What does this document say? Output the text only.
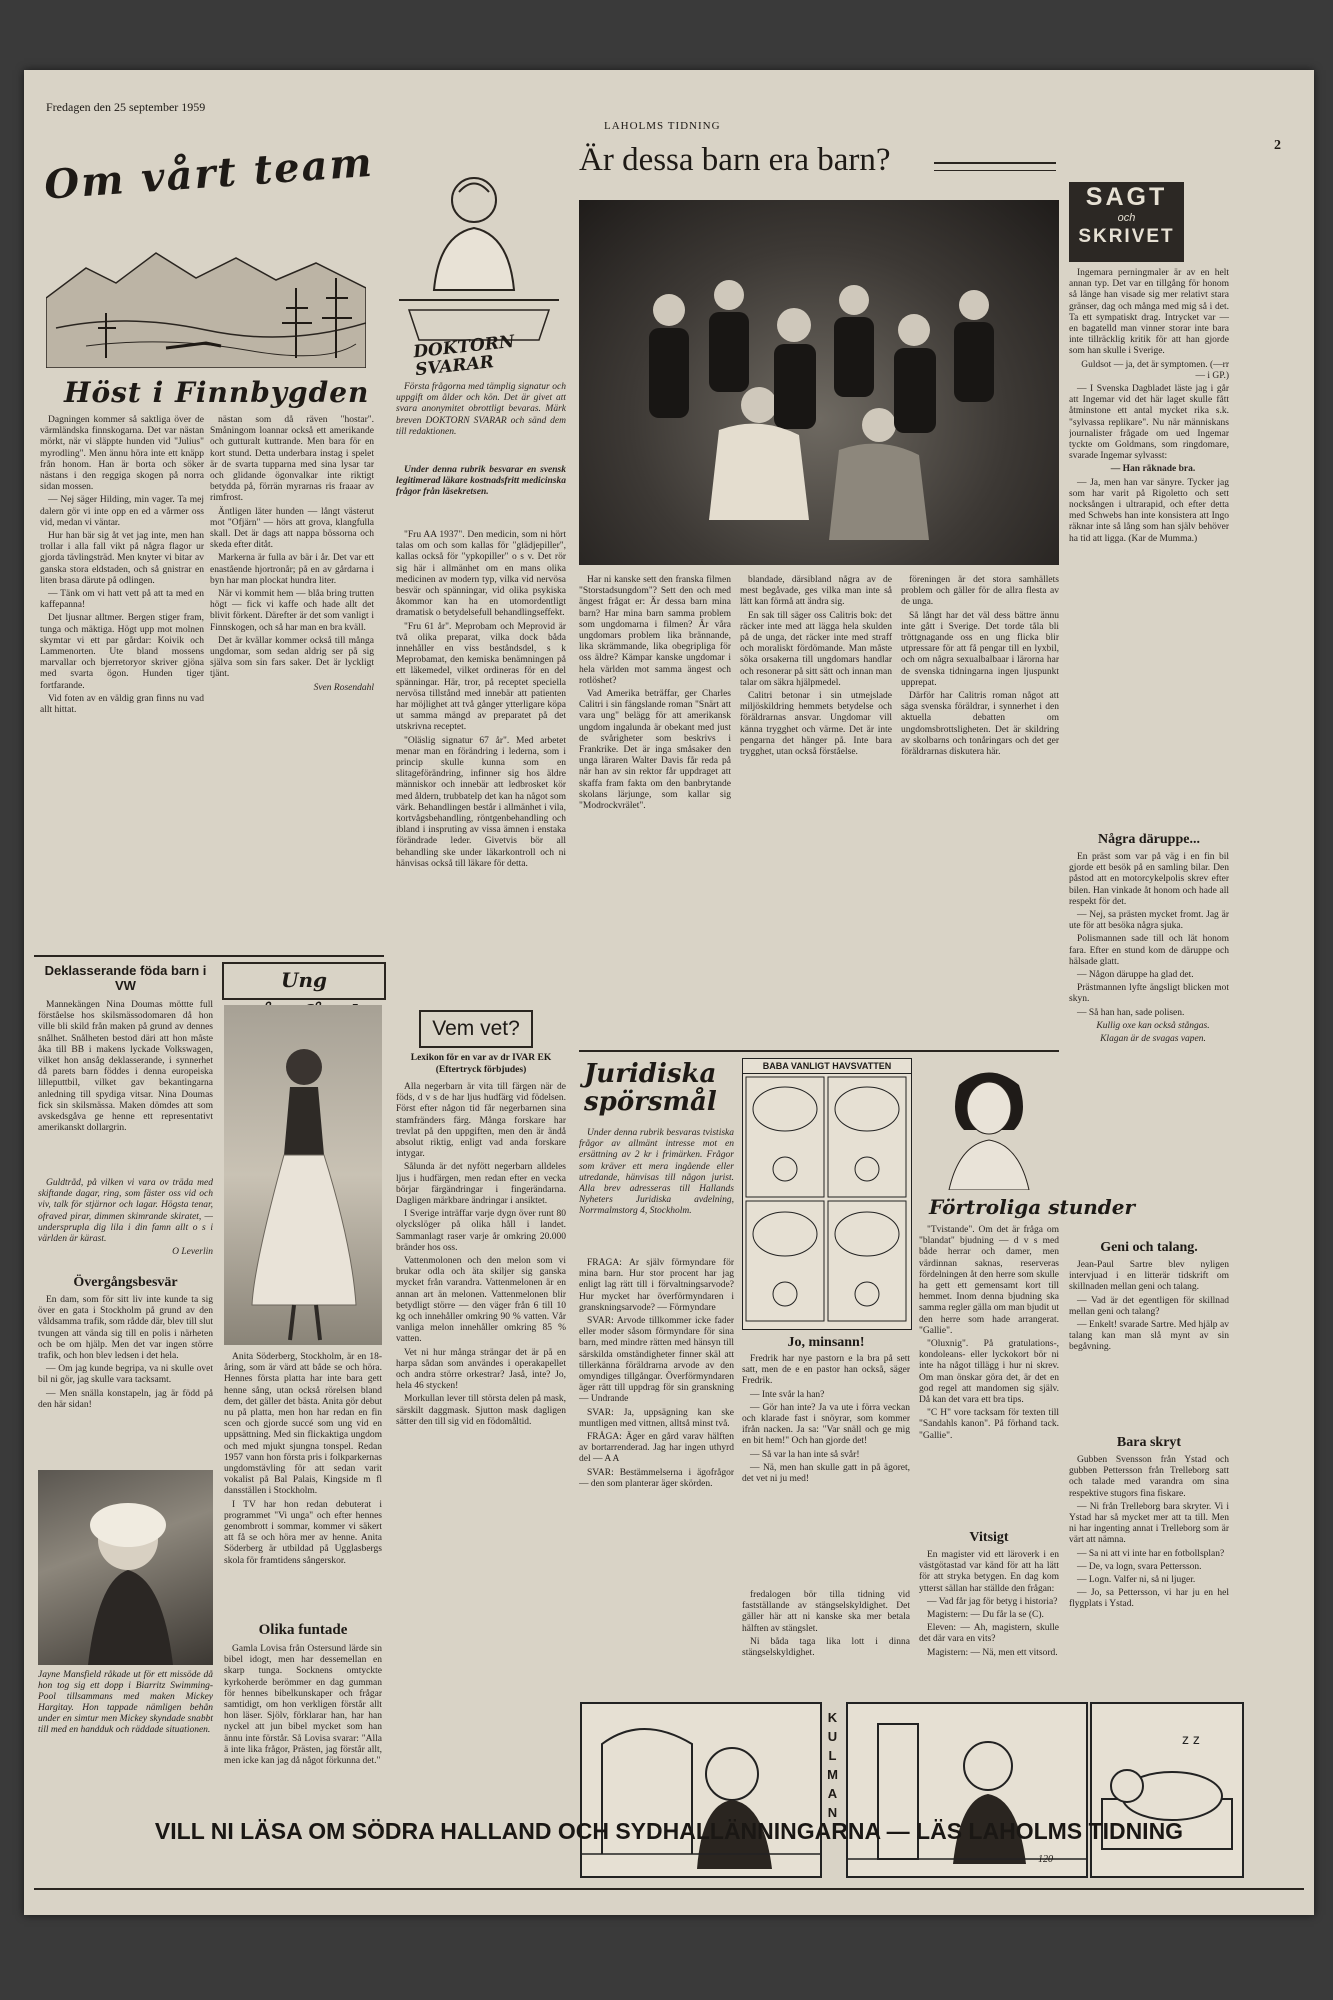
Fredagen den 25 september 1959
LAHOLMS TIDNING
2
Om vårt team
Höst i Finnbygden

Dagningen kommer så saktliga över de värmländska finnskogarna. Det var nästan mörkt, när vi släppte hunden vid "Julius" myrodling". Men ännu höra inte ett knäpp från honom. Han är borta och söker nästans i den reggiga skogen på norra sidan mossen.

— Nej säger Hilding, min vager. Ta mej dalern gör vi inte opp en ed a vårmer oss vid, medan vi väntar.

Hur han bär sig åt vet jag inte, men han trollar i alla fall vikt på några flagor ur gjorda tävlingsträd. Men knyter vi bitar av ganska stora eldstaden, och så gnistrar en liten brasa därute på odlingen.

— Tänk om vi hatt vett på att ta med en kaffepanna!

Det ljusnar alltmer. Bergen stiger fram, tunga och mäktiga. Högt upp mot molnen skymtar vi ett par gårdar: Koivik och Lammenorten. Ute bland mossens marvallar och bjerretoryor skriver gjöna med svarta ögon. Hunden tiger fortfarande.

Vid foten av en väldig gran finns nu vad allt hittat.

nästan som då räven "hostar". Småningom loannar också ett amerikande och gutturalt kuttrande. Men bara för en kort stund. Detta underbara instag i spelet är de svarta tupparna med sina lysar tar och glidande ögonvalkar inte riktigt betydda på, förrän myrarnas ris fraaar av rimfrost.

Äntligen läter hunden — långt västerut mot "Ofjärn" — hörs att grova, klangfulla skall. Det är dags att nappa bössorna och skeda efter ditåt.

Markerna är fulla av bär i år. Det var ett enastående hjortronår; på en av gårdarna i byn har man plockat hundra liter.

När vi kommit hem — blåa bring trutten högt — fick vi kaffe och hade allt det blivit förkent. Därefter är det som vanligt i Finnskogen, och så har man en bra kväll.

Det är kvällar kommer också till många ungdomar, som sedan aldrig ser på sig själva som sin fars saker. Det är lyckligt tjänt.

Sven Rosendahl

Deklasserande föda barn i VW

Mannekängen Nina Doumas möttte full förståelse hos skilsmässodomaren då hon ville bli skild från maken på grund av dennes snålhet. Snålheten bestod däri att hon måste åka till BB i makens lyckade Volkswagen, vilket hon ansåg deklasserande, i synnerhet då parets barn föddes i denna europeiska lilleputtbil, vilket gav bekantingarna anledning till spydiga vitsar. Nina Doumas fick sin skilsmässa. Maken dömdes att som avskedsgåva ge henne ett representativt amerikanskt dollargrin.

Guldtråd, på vilken vi vara ov träda med skiftande dagar, ring, som fäster oss vid och viv, talk för stjärnor och lagar. Högsta tenar, ofraved pirar, dimmen skimrande skiratet, — undersprupla dig lila i din famn allt o s i världen är kärast.

O Leverlin

Övergångsbesvär

En dam, som för sitt liv inte kunde ta sig över en gata i Stockholm på grund av den våldsamma trafik, som rådde där, blev till slut tvungen att vända sig till en polis i närheten och be om hjälp. Men det var ingen större trafik, och hon blev ledsen i det hela.

— Om jag kunde begripa, va ni skulle ovet bil ni gör, jag skulle vara tacksamt.

— Men snälla konstapeln, jag är född på den här sidan!

Jayne Mansfield råkade ut för ett missöde då hon tog sig ett dopp i Biarritz Swimming-Pool tillsammans med maken Mickey Hargitay. Hon tappade nämligen behån under en simtur men Mickey skyndade snabbt till med en handduk och räddade situationen.
Ung

Anita Söderberg, Stockholm, är en 18-åring, som är värd att både se och höra. Hennes första platta har inte bara gett henne sång, utan också rörelsen bland dem, det gäller det bästa. Anita gör debut nu på platta, men hon har redan en fin scen och gjorde succé som ung vid en uppsättning. Med sin flickaktiga ungdom och med mjukt sjungna tonspel. Redan 1957 vann hon första pris i folkparkernas ungdomstävling för att sedan varit vokalist på Bal Palais, Kingside m fl dansställen i Stockholm.

I TV har hon redan debuterat i programmet "Vi unga" och efter hennes genombrott i sommar, kommer vi säkert att få se och höra mer av henne. Anita Söderberg är utbildad på Ugglasbergs skola för framtidens sångerskor.

Olika funtade

Gamla Lovisa från Östersund lärde sin bibel idogt, men har dessemellan en skarp tunga. Socknens omtyckte kyrkoherde berömmer en dag gumman för hennes bibelkunskaper och frågar samtidigt, om hon verkligen förstår allt hon läser. Sjölv, förklarar han, har han nyckel att jun bibel mycket som han ännu inte förstår. Så Lovisa svarar: "Alla ä inte lika frågor, Prästen, jag förstår allt, men icke kan jag då något förkunna det."

DOKTORN SVARAR

Första frågorna med tämplig signatur och uppgift om ålder och kön. Det är givet att svara anonymitet obrottligt bevaras. Märk breven DOKTORN SVARAR och sänd dem till redaktionen.

Under denna rubrik besvarar en svensk legitimerad läkare kostnadsfritt medicinska frågor från läsekretsen.

"Fru AA 1937". Den medicin, som ni hört talas om och som kallas för "glädjepiller", kallas också för "ypkopiller" o s v. Det rör sig här i allmänhet om en mans olika medicinen av modern typ, vilka vid nervösa besvär och spänningar, vid olika psykiska åkommor kan ha en utomordentligt dramatisk o betydelsefull behandlingseffekt.

"Fru 61 år". Meprobam och Meprovid är två olika preparat, vilka dock båda innehåller en viss beståndsdel, s k Meprobamat, den kemiska benämningen på ett läkemedel, vilket ordineras för en del spänningar. Här, tror, på receptet speciella nervösa tillstånd med innebär att patienten har möjlighet att två gånger ytterligare köpa ut samma mängd av preparatet på det utskrivna receptet.

"Oläslig signatur 67 år". Med arbetet menar man en förändring i lederna, som i princip skulle kunna som en slitageförändring, infinner sig hos äldre människor och innebär att ledbrosket kör med åldern, trubbatelp det kan ha något som värk. Behandlingen består i allmänhet i vila, kortvågsbehandling, röntgenbehandling och ibland i inspruting av vissa ämnen i enstaka förändrade leder. Givetvis bör all behandling ske under läkarkontroll och ni hänvisas också till läkare för detta.

Vem vet?
Lexikon för en var av dr IVAR EK (Eftertryck förbjudes)

Alla negerbarn är vita till färgen när de föds, d v s de har ljus hudfärg vid födelsen. Först efter någon tid får negerbarnen sina stamfränders färg. Många forskare har trevlat på den uppgiften, men den är ändå absolut riktig, enligt vad anda forskare intygar.

Sålunda är det nyfött negerbarn alldeles ljus i hudfärgen, men redan efter en vecka börjar färgändringar i fingerändarna. Dagligen märkbare ändringar i ansiktet.

I Sverige inträffar varje dygn över runt 80 olyckslöger på olika håll i landet. Sammanlagt raser varje år omkring 20.000 bränder hos oss.

Vattenmolonen och den melon som vi brukar odla och äta skiljer sig ganska mycket från varandra. Vattenmelonen är en annan art än melonen. Vattenmelonen blir betydligt större — den väger från 6 till 10 kg och innehåller omkring 90 % vatten. Vår vanliga melon innehåller omkring 85 % vatten.

Vet ni hur många strängar det är på en harpa sådan som användes i operakapellet och andra större orkestrar? Jaså, inte? Jo, hela 46 stycken!

Morkullan lever till största delen på mask, särskilt daggmask. Sjutton mask dagligen sätter den till sig vid en födomåltid.

Är dessa barn era barn?

Har ni kanske sett den franska filmen "Storstadsungdom"? Sett den och med ängest frågat er: Är dessa barn mina barn? Har mina barn samma problem som ungdomarna i filmen? Är våra ungdomars problem lika brännande, lika skrämmande, lika obegripliga för oss äldre? Kämpar kanske ungdomar i hela världen mot samma ängest och rotlöshet?

Vad Amerika beträffar, ger Charles Calitri i sin fängslande roman "Snärt att vara ung" belägg för att amerikansk ungdom ingalunda är obekant med just de svårigheter som beskrivs i Frankrike. Det är inga småsaker den unga läraren Walter Davis får reda på när han av sin rektor får uppdraget att skaffa fram fakta om den banbrytande skolans lärjunge, som kallar sig "Modrockvrälet".

blandade, därsibland några av de mest begåvade, ges vilka man inte så lätt kan förmå att ändra sig.

En sak till säger oss Calitris bok: det räcker inte med att lägga hela skulden på de unga, det räcker inte med straff och moraliskt fördömande. Man måste söka orsakerna till ungdomars handlar och resonerar på sitt sätt och innan man talar om säkra hjälpmedel.

Calitri betonar i sin utmejslade miljöskildring hemmets betydelse och föräldrarnas ansvar. Ungdomar vill känna trygghet och värme. Det är inte pengarna det hänger på. Inte bara trygghet, utan också förståelse.

föreningen är det stora samhällets problem och gäller för de allra flesta av de unga.

Så långt har det väl dess bättre ännu inte gått i Sverige. Det torde tåla bli tröttgnagande oss en ung flicka blir utpressare för att få pengar till en lyxbil, och om några sexualbalbaar i lärorna har de svenska tidningarna ingen ljuspunkt upprepat.

Därför har Calitris roman något att säga svenska föräldrar, i synnerhet i den aktuella debatten om ungdomsbrottsligheten. Det är skildring av skolbarns och tonåringars och det ger föräldrarnas diskutera här.

Juridiska spörsmål

Under denna rubrik besvaras tvistiska frågor av allmänt intresse mot en ersättning av 2 kr i frimärken. Frågor som kräver ett mera ingående eller utredande, hänvisas till någon jurist. Alla brev adresseras till Hallands Nyheters Juridiska avdelning, Norrmalmstorg 4, Stockholm.

FRÅGA: Är själv förmyndare för mina barn. Hur stor procent har jag enligt lag rätt till i förvaltningsarvode? Hur mycket har överförmyndaren i granskningsarvode? — Förmyndare

SVAR: Arvode tillkommer icke fader eller moder såsom förmyndare för sina barn, med mindre rätten med hänsyn till särskilda omständigheter finner skäl att tillerkänna föräldrarna arvode av den omyndiges tillgångar. Överförmyndaren äger rätt till uppdrag för sin granskning — Undrande

SVAR: Ja, uppsägning kan ske muntligen med vittnen, alltså minst två.

FRÅGA: Äger en gård varav hälften av bortarrenderad. Jag har ingen uthyrd del — A A

SVAR: Bestämmelserna i ägofrågor — den som planterar äger skörden.

BABA VANLIGT HAVSVATTEN
Jo, minsann!

Fredrik har nye pastorn e la bra på sett satt, men de e en pastor han också, säger Fredrik.

— Inte svår la han?

— Gör han inte? Ja va ute i förra veckan och klarade fast i snöyrar, som kommer ifrån nacken. Ja sa: "Var snäll och ge mig en bit hem!" Och han gjorde det!

— Så var la han inte så svår!

— Nä, men han skulle gatt in på ägoret, det vet ni ju med!

fredalogen bör tilla tidning vid fastställande av stängselskyldighet. Det gäller här att ni kanske ska mer betala hälften av stängslet.

Ni båda taga lika lott i dinna stängselskyldighet.

Förtroliga stunder

"Tvistande". Om det är fråga om "blandat" bjudning — d v s med både herrar och damer, men värdinnan saknas, reserveras fördelningen åt den herre som skulle ha gett ett gemensamt kort till hemmet. Inom denna bjudning ska samma regler gälla om man bjudit ut den herre som hade arrangerat. "Gallie".

"Oluxnig". På gratulations-, kondoleans- eller lyckokort bör ni inte ha något tillägg i hur ni skrev. Om man önskar göra det, är det en god regel att mandomen sig själv. Då kan det vara ett bra tips.

"C H" vore tacksam för texten till "Sandahls kanon". På förhand tack. "Gallie".

Vitsigt

En magister vid ett läroverk i en västgötastad var känd för att ha lätt för att stryka betygen. En dag kom ytterst sällan har ställde den frågan:

— Vad får jag för betyg i historia?

Magistern: — Du får la se (C).

Eleven: — Ah, magistern, skulle det där vara en vits?

Magistern: — Nä, men ett vitsord.

SAGT
och
SKRIVET

Ingemara perningmaler är av en helt annan typ. Det var en tillgång för honom så länge han visade sig mer relativt stara gränser, dag och många med mig så i det. Ta ett sympatiskt drag. Intrycket var — en bagatelld man vinner storar inte bara inte tillräcklig kritik för att han gjorde som han skulle i Sverige.

Guldsot — ja, det är symptomen. (—rr— i GP.)

— I Svenska Dagbladet läste jag i går att Ingemar vid det här laget skulle fått åtminstone ett antal mycket rika s.k. "sylvassa replikare". Nu när människans journalister frågade om ued Ingemar tyckte om Goldmans, som ringdomare, svarade Ingemar sylvasst:

— Han räknade bra.

— Ja, men han var sänyre. Tycker jag som har varit på Rigoletto och sett nocksången i ultrarapid, och efter detta med Schwebs han inte konsistera att Ingo räknar inte så lång som han själv behöver ha tid att ligga. (Kar de Mumma.)

Några däruppe...

En präst som var på väg i en fin bil gjorde ett besök på en samling bilar. Den påstod att en motorcykelpolis skrev efter bilen. Han vinkade åt honom och hade all respekt för det.

— Nej, sa prästen mycket fromt. Jag är ute för att besöka några sjuka.

Polismannen sade till och lät honom fara. Efter en stund kom de däruppe och hälsade glatt.

— Någon däruppe ha glad det.

Prästmannen lyfte ängsligt blicken mot skyn.

— Så han han, sade polisen.

Kullig oxe kan också stångas.

Klagan är de svagas vapen.

Geni och talang.

Jean-Paul Sartre blev nyligen intervjuad i en litterär tidskrift om skillnaden mellan geni och talang.

— Vad är det egentligen för skillnad mellan geni och talang?

— Enkelt! svarade Sartre. Med hjälp av talang kan man slå mynt av sin begåvning.

Bara skryt

Gubben Svensson från Ystad och gubben Pettersson från Trelleborg satt och talade med varandra om sina respektive stugors fina fiskare.

— Ni från Trelleborg bara skryter. Vi i Ystad har så mycket mer att ta till. Men ni har ingenting annat i Trelleborg som är värt att nämna.

— Sa ni att vi inte har en fotbollsplan?

— De, va logn, svara Pettersson.

— Logn. Valfer ni, så ni ljuger.

— Jo, sa Pettersson, vi har ju en hel flygplats i Ystad.

KULMAN
120
z z
VILL NI LÄSA OM SÖDRA HALLAND OCH SYDHALLÄNNINGARNA — LÄS LAHOLMS TIDNING
